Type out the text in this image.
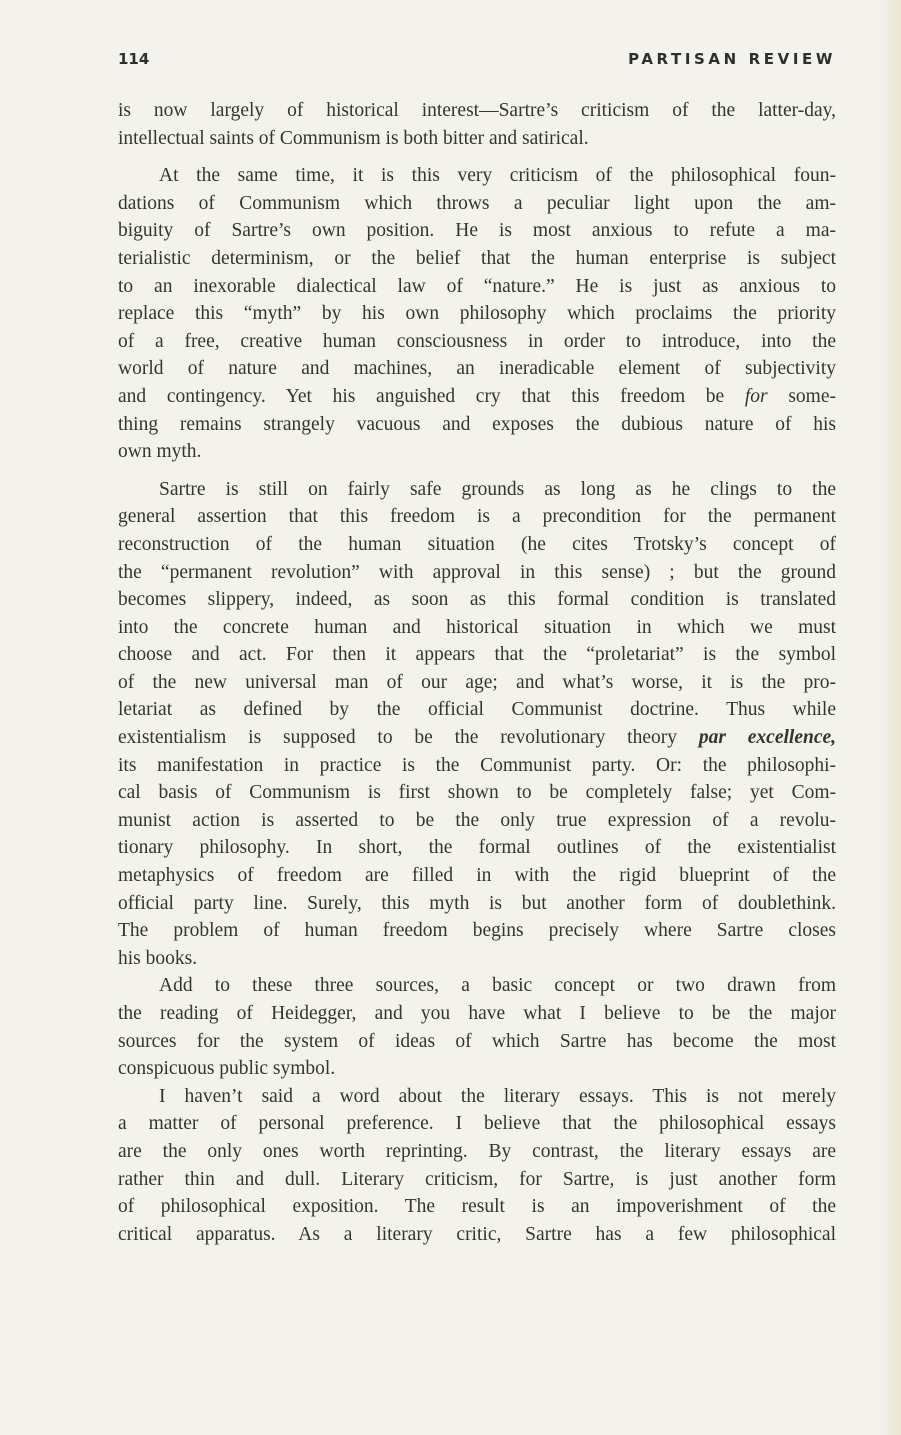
114	PARTISAN REVIEW
is now largely of historical interest—Sartre’s criticism of the latter-day,
intellectual saints of Communism is both bitter and satirical.
At the same time, it is this very criticism of the philosophical foun-
dations of Communism which throws a peculiar light upon the am-
biguity of Sartre’s own position. He is most anxious to refute a ma-
terialistic determinism, or the belief that the human enterprise is subject
to an inexorable dialectical law of “nature.” He is just as anxious to
replace this “myth” by his own philosophy which proclaims the priority
of a free, creative human consciousness in order to introduce, into the
world of nature and machines, an ineradicable element of subjectivity
and contingency. Yet his anguished cry that this freedom be for some-
thing remains strangely vacuous and exposes the dubious nature of his
own myth.
Sartre is still on fairly safe grounds as long as he clings to the
general assertion that this freedom is a precondition for the permanent
reconstruction of the human situation (he cites Trotsky’s concept of
the “permanent revolution” with approval in this sense) ; but the ground
becomes slippery, indeed, as soon as this formal condition is translated
into the concrete human and historical situation in which we must
choose and act. For then it appears that the “proletariat” is the symbol
of the new universal man of our age; and what’s worse, it is the pro-
letariat as defined by the official Communist doctrine. Thus while
existentialism is supposed to be the revolutionary theory par excellence,
its manifestation in practice is the Communist party. Or: the philosophi-
cal basis of Communism is first shown to be completely false; yet Com-
munist action is asserted to be the only true expression of a revolu-
tionary philosophy. In short, the formal outlines of the existentialist
metaphysics of freedom are filled in with the rigid blueprint of the
official party line. Surely, this myth is but another form of doublethink.
The problem of human freedom begins precisely where Sartre closes
his books.
Add to these three sources, a basic concept or two drawn from
the reading of Heidegger, and you have what I believe to be the major
sources for the system of ideas of which Sartre has become the most
conspicuous public symbol.
I haven’t said a word about the literary essays. This is not merely
a matter of personal preference. I believe that the philosophical essays
are the only ones worth reprinting. By contrast, the literary essays are
rather thin and dull. Literary criticism, for Sartre, is just another form
of philosophical exposition. The result is an impoverishment of the
critical apparatus. As a literary critic, Sartre has a few philosophical
